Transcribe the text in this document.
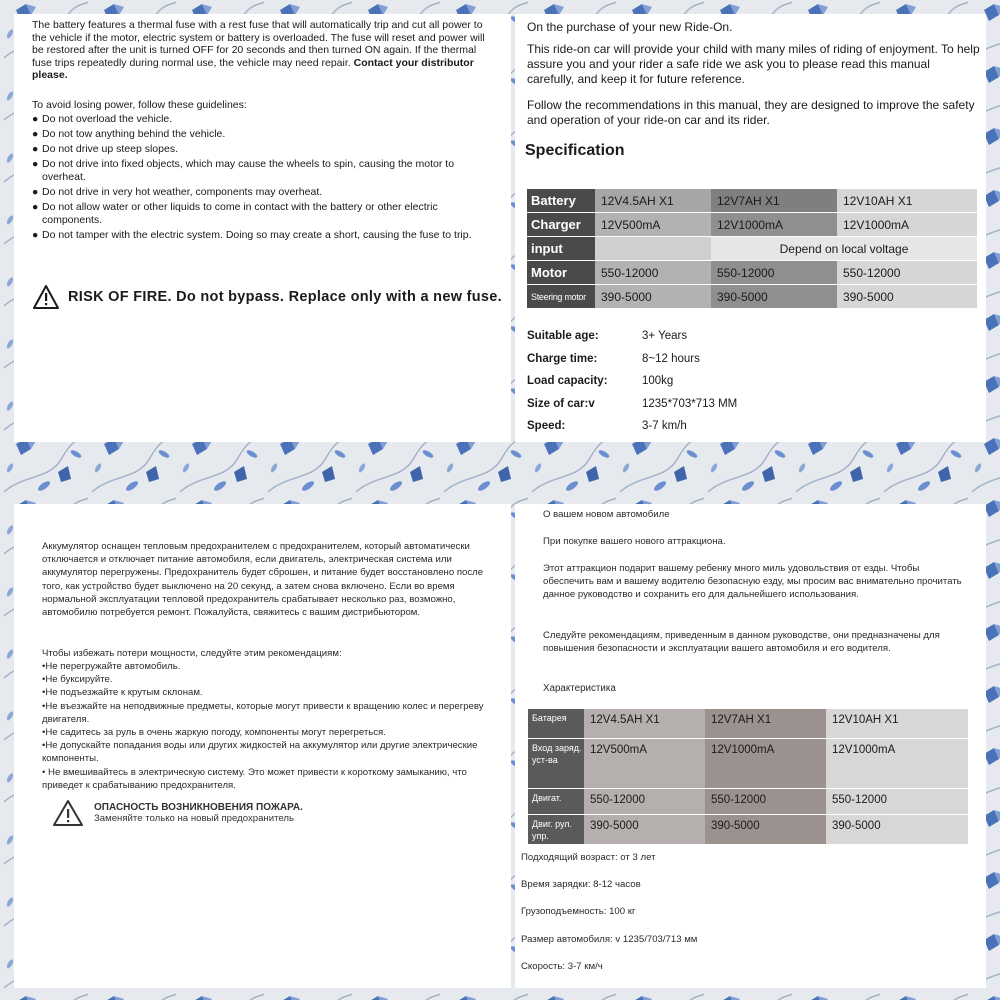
The battery features a thermal fuse with a rest fuse that will automatically trip and cut all power to the vehicle if the motor, electric system or battery is overloaded. The fuse will reset and power will be restored after the unit is turned OFF for 20 seconds and then turned ON again. If the thermal fuse trips repeatedly during normal use, the vehicle may need repair. Contact your distributor please.

To avoid losing power, follow these guidelines:

● Do not overload the vehicle.
● Do not tow anything behind the vehicle.
● Do not drive up steep slopes.
● Do not drive into fixed objects, which may cause the wheels to spin, causing the motor to overheat.
● Do not drive in very hot weather, components may overheat.
● Do not allow water or other liquids to come in contact with the battery or other electric components.
● Do not tamper with the electric system. Doing so may create a short, causing the fuse to trip.
RISK OF FIRE. Do not bypass. Replace only with a new fuse.

On the purchase of your new Ride-On.

This ride-on car will provide your child with many miles of riding of enjoyment. To help assure you and your rider a safe ride we ask you to please read this manual carefully, and keep it for future reference.

Follow the recommendations in this manual, they are designed to improve the safety and operation of your ride-on car and its rider.

Specification
Battery	12V4.5AH X1	12V7AH X1	12V10AH X1
Charger	12V500mA	12V1000mA	12V1000mA
input		Depend on local voltage	
Motor	550-12000	550-12000	550-12000
Steering motor	390-5000	390-5000	390-5000
Suitable age:	3+ Years
Charge time:	8~12 hours
Load capacity:	100kg
Size of car:v	1235*703*713 MM
Speed:	3-7 km/h

Аккумулятор оснащен тепловым предохранителем с предохранителем, который автоматически отключается и отключает питание автомобиля, если двигатель, электрическая система или аккумулятор перегружены. Предохранитель будет сброшен, и питание будет восстановлено после того, как устройство будет выключено на 20 секунд, а затем снова включено. Если во время нормальной эксплуатации тепловой предохранитель срабатывает несколько раз, возможно, автомобилю потребуется ремонт. Пожалуйста, свяжитесь с вашим дистрибьютором.

Чтобы избежать потери мощности, следуйте этим рекомендациям:

•Не перегружайте автомобиль.
•Не буксируйте.
•Не подъезжайте к крутым склонам.
•Не въезжайте на неподвижные предметы, которые могут привести к вращению колес и перегреву двигателя.
•Не садитесь за руль в очень жаркую погоду, компоненты могут перегреться.
•Не допускайте попадания воды или других жидкостей на аккумулятор или другие электрические компоненты.
• Не вмешивайтесь в электрическую систему. Это может привести к короткому замыканию, что приведет к срабатыванию предохранителя.
ОПАСНОСТЬ ВОЗНИКНОВЕНИЯ ПОЖАРА.
Заменяйте только на новый предохранитель

О вашем новом автомобиле

При покупке вашего нового аттракциона.

Этот аттракцион подарит вашему ребенку много миль удовольствия от езды. Чтобы обеспечить вам и вашему водителю безопасную езду, мы просим вас внимательно прочитать данное руководство и сохранить его для дальнейшего использования.

Следуйте рекомендациям, приведенным в данном руководстве, они предназначены для повышения безопасности и эксплуатации вашего автомобиля и его водителя.

Характеристика
Батарея	12V4.5AH X1	12V7AH X1	12V10AH X1
Вход заряд. уст-ва	12V500mA	12V1000mA	12V1000mA
Двигат.	550-12000	550-12000	550-12000
Двиг. рул. упр.	390-5000	390-5000	390-5000
Подходящий возраст: от 3 лет
Время зарядки: 8-12 часов
Грузоподъемность: 100 кг
Размер автомобиля: v 1235/703/713 мм
Скорость: 3-7 км/ч
